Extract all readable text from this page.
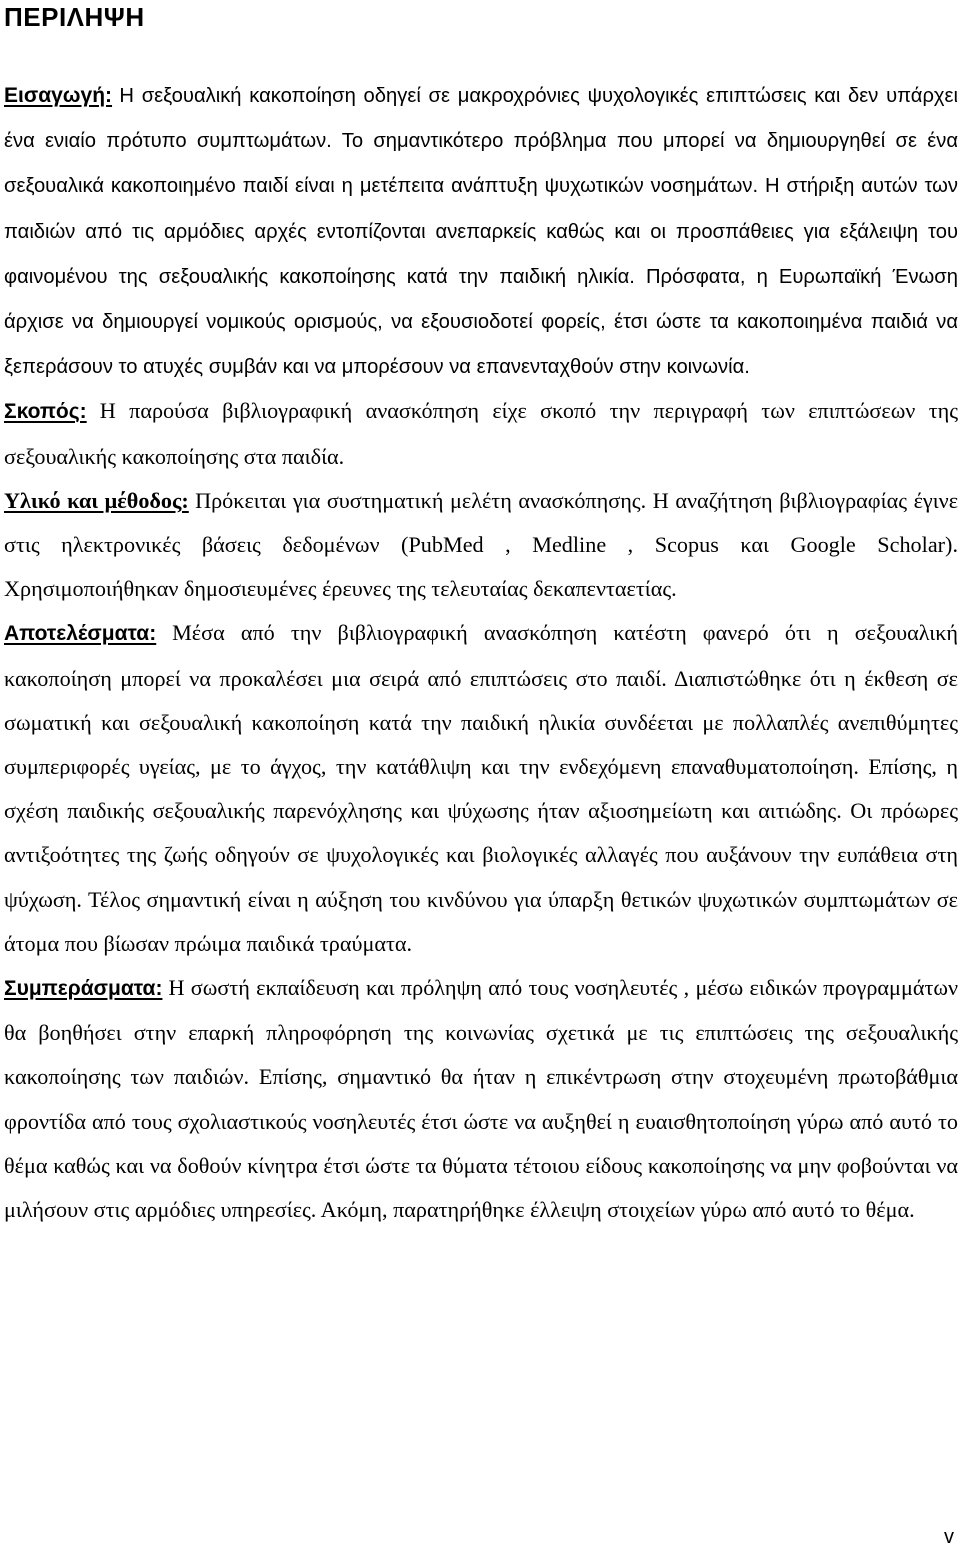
ΠΕΡΙΛΗΨΗ

Εισαγωγή: Η σεξουαλική κακοποίηση οδηγεί σε μακροχρόνιες ψυχολογικές επιπτώσεις και δεν υπάρχει ένα ενιαίο πρότυπο συμπτωμάτων. Το σημαντικότερο πρόβλημα που μπορεί να δημιουργηθεί σε ένα σεξουαλικά κακοποιημένο παιδί είναι η μετέπειτα ανάπτυξη ψυχωτικών νοσημάτων. Η στήριξη αυτών των παιδιών από τις αρμόδιες αρχές εντοπίζονται ανεπαρκείς καθώς και οι προσπάθειες για εξάλειψη του φαινομένου της σεξουαλικής κακοποίησης κατά την παιδική ηλικία. Πρόσφατα, η Ευρωπαϊκή Ένωση άρχισε να δημιουργεί νομικούς ορισμούς, να εξουσιοδοτεί φορείς, έτσι ώστε τα κακοποιημένα παιδιά να ξεπεράσουν το ατυχές συμβάν και να μπορέσουν να επανενταχθούν στην κοινωνία.

Σκοπός: Η παρούσα βιβλιογραφική ανασκόπηση είχε σκοπό την περιγραφή των επιπτώσεων της σεξουαλικής κακοποίησης στα παιδία.

Υλικό και μέθοδος: Πρόκειται για συστηματική μελέτη ανασκόπησης. Η αναζήτηση βιβλιογραφίας έγινε στις ηλεκτρονικές βάσεις δεδομένων (PubMed , Medline , Scopus και Google Scholar). Χρησιμοποιήθηκαν δημοσιευμένες έρευνες της τελευταίας δεκαπενταετίας.

Αποτελέσματα: Μέσα από την βιβλιογραφική ανασκόπηση κατέστη φανερό ότι η σεξουαλική κακοποίηση μπορεί να προκαλέσει μια σειρά από επιπτώσεις στο παιδί. Διαπιστώθηκε ότι η έκθεση σε σωματική και σεξουαλική κακοποίηση κατά την παιδική ηλικία συνδέεται με πολλαπλές ανεπιθύμητες συμπεριφορές υγείας, με το άγχος, την κατάθλιψη και την ενδεχόμενη επαναθυματοποίηση. Επίσης, η σχέση παιδικής σεξουαλικής παρενόχλησης και ψύχωσης ήταν αξιοσημείωτη και αιτιώδης. Οι πρόωρες αντιξοότητες της ζωής οδηγούν σε ψυχολογικές και βιολογικές αλλαγές που αυξάνουν την ευπάθεια στη ψύχωση. Τέλος σημαντική είναι η αύξηση του κινδύνου για ύπαρξη θετικών ψυχωτικών συμπτωμάτων σε άτομα που βίωσαν πρώιμα παιδικά τραύματα.

Συμπεράσματα: Η σωστή εκπαίδευση και πρόληψη από τους νοσηλευτές , μέσω ειδικών προγραμμάτων θα βοηθήσει στην επαρκή πληροφόρηση της κοινωνίας σχετικά με τις επιπτώσεις της σεξουαλικής κακοποίησης των παιδιών. Επίσης, σημαντικό θα ήταν η επικέντρωση στην στοχευμένη πρωτοβάθμια φροντίδα από τους σχολιαστικούς νοσηλευτές έτσι ώστε να αυξηθεί η ευαισθητοποίηση γύρω από αυτό το θέμα καθώς και να δοθούν κίνητρα έτσι ώστε τα θύματα τέτοιου είδους κακοποίησης να μην φοβούνται να μιλήσουν στις αρμόδιες υπηρεσίες. Ακόμη, παρατηρήθηκε έλλειψη στοιχείων γύρω από αυτό το θέμα.

v
